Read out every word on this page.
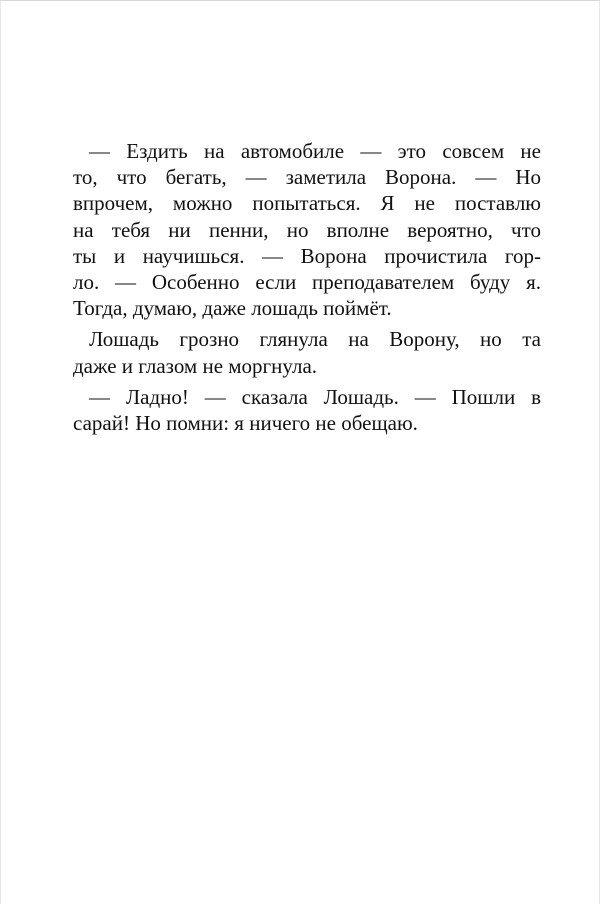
— Ездить на автомобиле — это совсем не
то, что бегать, — заметила Ворона. — Но
впрочем, можно попытаться. Я не поставлю
на тебя ни пенни, но вполне вероятно, что
ты и научишься. — Ворона прочистила гор-
ло. — Особенно если преподавателем буду я.
Тогда, думаю, даже лошадь поймёт.
Лошадь грозно глянула на Ворону, но та
даже и глазом не моргнула.
— Ладно! — сказала Лошадь. — Пошли в
сарай! Но помни: я ничего не обещаю.
